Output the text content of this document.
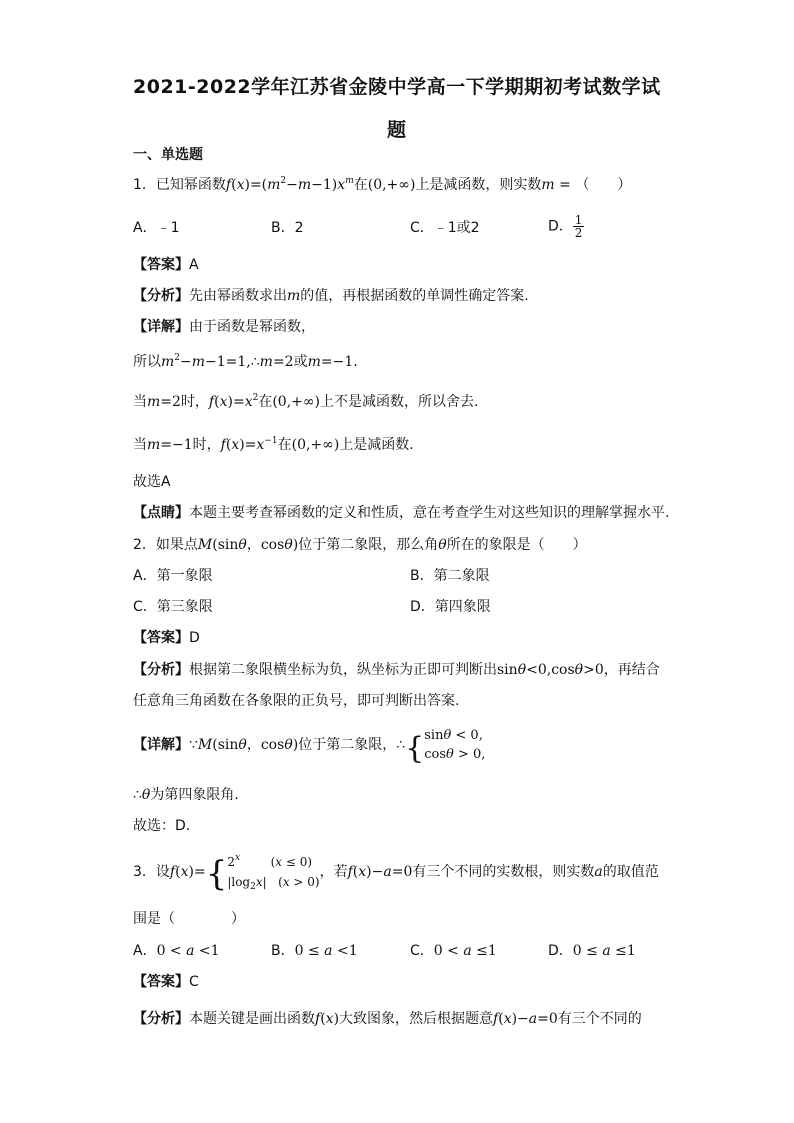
2021-2022学年江苏省金陵中学高一下学期期初考试数学试
题
一、单选题
1．已知幂函数$f(x)=(m^2-m-1)x^m$在(0,+∞)上是减函数，则实数m = （　　）
A．﹣1	B．2	C．﹣1或2	D． $\frac{1}{2}$
【答案】A
【分析】先由幂函数求出m的值，再根据函数的单调性确定答案.
【详解】由于函数是幂函数，
所以$m^2-m-1=1,\therefore m=2$或m=−1.
当m=2时，$f(x)=x^2$在(0,+∞)上不是减函数，所以舍去.
当m=−1时，$f(x)=x^{-1}$在(0,+∞)上是减函数.
故选A
【点睛】本题主要考查幂函数的定义和性质，意在考查学生对这些知识的理解掌握水平.
2．如果点M(sinθ，cosθ)位于第二象限，那么角θ所在的象限是（　　）
A．第一象限	B．第二象限
C．第三象限	D．第四象限
【答案】D
【分析】根据第二象限横坐标为负，纵坐标为正即可判断出sinθ<0,cosθ>0，再结合
任意角三角函数在各象限的正负号，即可判断出答案.
【详解】∵M(sinθ，cosθ)位于第二象限，∴{ sinθ < 0,
cosθ > 0,
∴θ为第四象限角.
故选：D.
3．设f(x)={ 2$^x$        (x ≤ 0)
$|\log_2x|$   (x > 0)
，若f(x)−a=0有三个不同的实数根，则实数a的取值范
围是（　　　　）
A．0 < a <1	B．0 ≤ a <1	C．0 < a ≤1	D．0 ≤ a ≤1
【答案】C
【分析】本题关键是画出函数f(x)大致图象，然后根据题意f(x)−a=0有三个不同的
